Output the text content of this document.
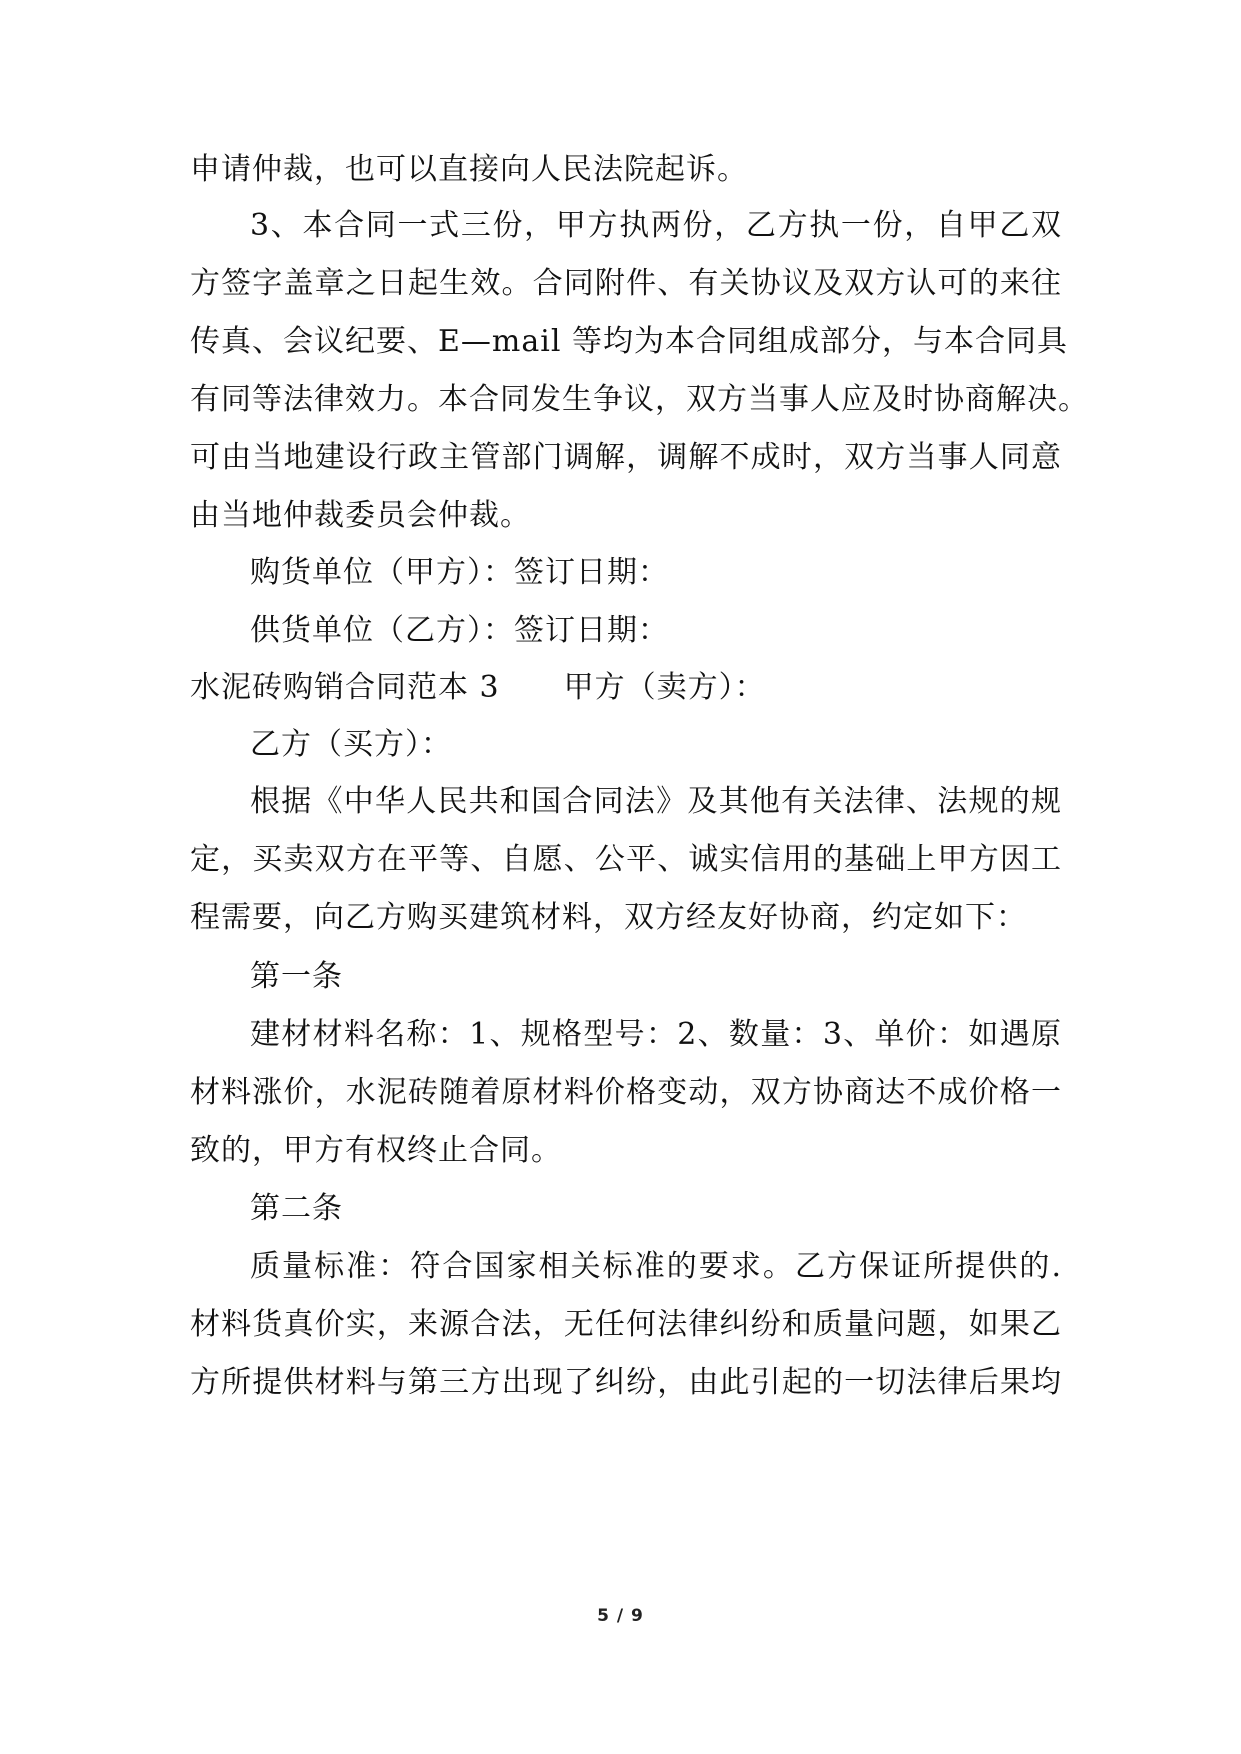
申请仲裁，也可以直接向人民法院起诉。
3、本合同一式三份，甲方执两份，乙方执一份，自甲乙双
方签字盖章之日起生效。合同附件、有关协议及双方认可的来往
传真、会议纪要、E—mail 等均为本合同组成部分，与本合同具
有同等法律效力。本合同发生争议，双方当事人应及时协商解决。
可由当地建设行政主管部门调解，调解不成时，双方当事人同意
由当地仲裁委员会仲裁。
购货单位（甲方）：签订日期：
供货单位（乙方）：签订日期：
水泥砖购销合同范本 3 甲方（卖方）：
乙方（买方）：
根据《中华人民共和国合同法》及其他有关法律、法规的规
定，买卖双方在平等、自愿、公平、诚实信用的基础上甲方因工
程需要，向乙方购买建筑材料，双方经友好协商，约定如下：
第一条
建材材料名称：1、规格型号：2、数量：3、单价：如遇原
材料涨价，水泥砖随着原材料价格变动，双方协商达不成价格一
致的，甲方有权终止合同。
第二条
质量标准：符合国家相关标准的要求。乙方保证所提供的.
材料货真价实，来源合法，无任何法律纠纷和质量问题，如果乙
方所提供材料与第三方出现了纠纷，由此引起的一切法律后果均
5 / 9
